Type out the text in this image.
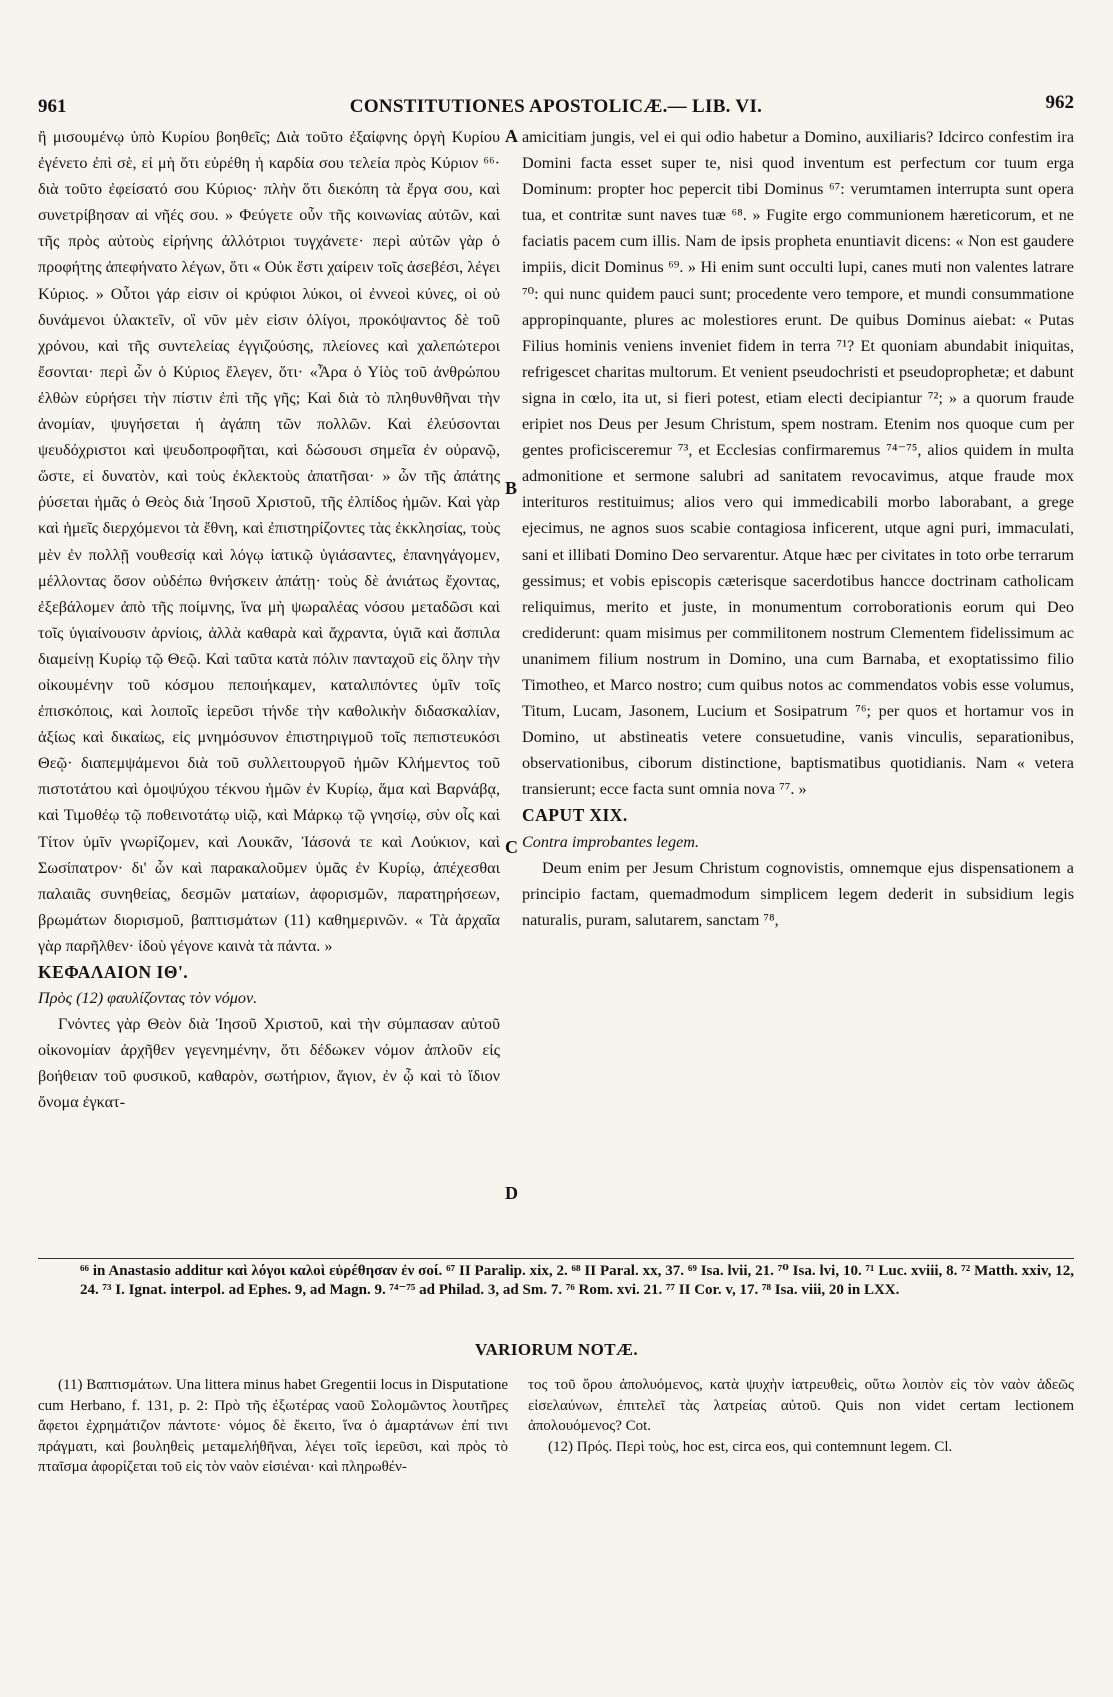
961	CONSTITUTIONES APOSTOLICÆ.— LIB. VI.	962
A
B
C
D

ἢ μισουμένῳ ὑπὸ Κυρίου βοηθεῖς; Διὰ τοῦτο ἐξαίφνης ὀργὴ Κυρίου ἐγένετο ἐπὶ σὲ, εἰ μὴ ὅτι εὑρέθη ἡ καρδία σου τελεία πρὸς Κύριον ⁶⁶· διὰ τοῦτο ἐφείσατό σου Κύριος· πλὴν ὅτι διεκόπη τὰ ἔργα σου, καὶ συνετρίβησαν αἱ νῆές σου. » Φεύγετε οὖν τῆς κοινωνίας αὐτῶν, καὶ τῆς πρὸς αὐτοὺς εἰρήνης ἀλλότριοι τυγχάνετε· περὶ αὐτῶν γὰρ ὁ προφήτης ἀπεφήνατο λέγων, ὅτι « Οὐκ ἔστι χαίρειν τοῖς ἀσεβέσι, λέγει Κύριος. » Οὗτοι γάρ εἰσιν οἱ κρύφιοι λύκοι, οἱ ἐννεοὶ κύνες, οἱ οὐ δυνάμενοι ὑλακτεῖν, οἳ νῦν μὲν εἰσιν ὀλίγοι, προκόψαντος δὲ τοῦ χρόνου, καὶ τῆς συντελείας ἐγγιζούσης, πλείονες καὶ χαλεπώτεροι ἔσονται· περὶ ὧν ὁ Κύριος ἔλεγεν, ὅτι· «Ἆρα ὁ Υἱὸς τοῦ ἀνθρώπου ἐλθὼν εὑρήσει τὴν πίστιν ἐπὶ τῆς γῆς; Καὶ διὰ τὸ πληθυνθῆναι τὴν ἀνομίαν, ψυγήσεται ἡ ἀγάπη τῶν πολλῶν. Καὶ ἐλεύσονται ψευδόχριστοι καὶ ψευδοπροφῆται, καὶ δώσουσι σημεῖα ἐν οὐρανῷ, ὥστε, εἰ δυνατὸν, καὶ τοὺς ἐκλεκτοὺς ἀπατῆσαι· » ὧν τῆς ἀπάτης ῥύσεται ἡμᾶς ὁ Θεὸς διὰ Ἰησοῦ Χριστοῦ, τῆς ἐλπίδος ἡμῶν. Καὶ γὰρ καὶ ἡμεῖς διερχόμενοι τὰ ἔθνη, καὶ ἐπιστηρίζοντες τὰς ἐκκλησίας, τοὺς μὲν ἐν πολλῇ νουθεσίᾳ καὶ λόγῳ ἰατικῷ ὑγιάσαντες, ἐπανηγάγομεν, μέλλοντας ὅσον οὐδέπω θνήσκειν ἀπάτῃ· τοὺς δὲ ἀνιάτως ἔχοντας, ἐξεβάλομεν ἀπὸ τῆς ποίμνης, ἵνα μὴ ψωραλέας νόσου μεταδῶσι καὶ τοῖς ὑγιαίνουσιν ἀρνίοις, ἀλλὰ καθαρὰ καὶ ἄχραντα, ὑγιᾶ καὶ ἄσπιλα διαμείνῃ Κυρίῳ τῷ Θεῷ. Καὶ ταῦτα κατὰ πόλιν πανταχοῦ εἰς ὅλην τὴν οἰκουμένην τοῦ κόσμου πεποιήκαμεν, καταλιπόντες ὑμῖν τοῖς ἐπισκόποις, καὶ λοιποῖς ἱερεῦσι τήνδε τὴν καθολικὴν διδασκαλίαν, ἀξίως καὶ δικαίως, εἰς μνημόσυνον ἐπιστηριγμοῦ τοῖς πεπιστευκόσι Θεῷ· διαπεμψάμενοι διὰ τοῦ συλλειτουργοῦ ἡμῶν Κλήμεντος τοῦ πιστοτάτου καὶ ὁμοψύχου τέκνου ἡμῶν ἐν Κυρίῳ, ἅμα καὶ Βαρνάβᾳ, καὶ Τιμοθέῳ τῷ ποθεινοτάτῳ υἱῷ, καὶ Μάρκῳ τῷ γνησίῳ, σὺν οἷς καὶ Τίτον ὑμῖν γνωρίζομεν, καὶ Λουκᾶν, Ἰάσονά τε καὶ Λούκιον, καὶ Σωσίπατρον· δι' ὧν καὶ παρακαλοῦμεν ὑμᾶς ἐν Κυρίῳ, ἀπέχεσθαι παλαιᾶς συνηθείας, δεσμῶν ματαίων, ἀφορισμῶν, παρατηρήσεων, βρωμάτων διορισμοῦ, βαπτισμάτων (11) καθημερινῶν. « Τὰ ἀρχαῖα γὰρ παρῆλθεν· ἰδοὺ γέγονε καινὰ τὰ πάντα. »

ΚΕΦΑΛΑΙΟΝ ΙΘ'.

Πρὸς (12) φαυλίζοντας τὸν νόμον.

Γνόντες γὰρ Θεὸν διὰ Ἰησοῦ Χριστοῦ, καὶ τὴν σύμπασαν αὐτοῦ οἰκονομίαν ἀρχῆθεν γεγενημένην, ὅτι δέδωκεν νόμον ἁπλοῦν εἰς βοήθειαν τοῦ φυσικοῦ, καθαρὸν, σωτήριον, ἅγιον, ἐν ᾧ καὶ τὸ ἴδιον ὄνομα ἐγκατ-

amicitiam jungis, vel ei qui odio habetur a Domino, auxiliaris? Idcirco confestim ira Domini facta esset super te, nisi quod inventum est perfectum cor tuum erga Dominum: propter hoc pepercit tibi Dominus ⁶⁷: verumtamen interrupta sunt opera tua, et contritæ sunt naves tuæ ⁶⁸. » Fugite ergo communionem hæreticorum, et ne faciatis pacem cum illis. Nam de ipsis propheta enuntiavit dicens: « Non est gaudere impiis, dicit Dominus ⁶⁹. » Hi enim sunt occulti lupi, canes muti non valentes latrare ⁷⁰: qui nunc quidem pauci sunt; procedente vero tempore, et mundi consummatione appropinquante, plures ac molestiores erunt. De quibus Dominus aiebat: « Putas Filius hominis veniens inveniet fidem in terra ⁷¹? Et quoniam abundabit iniquitas, refrigescet charitas multorum. Et venient pseudochristi et pseudoprophetæ; et dabunt signa in cœlo, ita ut, si fieri potest, etiam electi decipiantur ⁷²; » a quorum fraude eripiet nos Deus per Jesum Christum, spem nostram. Etenim nos quoque cum per gentes proficisceremur ⁷³, et Ecclesias confirmaremus ⁷⁴⁻⁷⁵, alios quidem in multa admonitione et sermone salubri ad sanitatem revocavimus, atque fraude mox interituros restituimus; alios vero qui immedicabili morbo laborabant, a grege ejecimus, ne agnos suos scabie contagiosa inficerent, utque agni puri, immaculati, sani et illibati Domino Deo servarentur. Atque hæc per civitates in toto orbe terrarum gessimus; et vobis episcopis cæterisque sacerdotibus hancce doctrinam catholicam reliquimus, merito et juste, in monumentum corroborationis eorum qui Deo crediderunt: quam misimus per commilitonem nostrum Clementem fidelissimum ac unanimem filium nostrum in Domino, una cum Barnaba, et exoptatissimo filio Timotheo, et Marco nostro; cum quibus notos ac commendatos vobis esse volumus, Titum, Lucam, Jasonem, Lucium et Sosipatrum ⁷⁶; per quos et hortamur vos in Domino, ut abstineatis vetere consuetudine, vanis vinculis, separationibus, observationibus, ciborum distinctione, baptismatibus quotidianis. Nam « vetera transierunt; ecce facta sunt omnia nova ⁷⁷. »

CAPUT XIX.

Contra improbantes legem.

Deum enim per Jesum Christum cognovistis, omnemque ejus dispensationem a principio factam, quemadmodum simplicem legem dederit in subsidium legis naturalis, puram, salutarem, sanctam ⁷⁸,

⁶⁶ in Anastasio additur καὶ λόγοι καλοὶ εὑρέθησαν ἐν σοί. ⁶⁷ II Paralip. xix, 2. ⁶⁸ II Paral. xx, 37. ⁶⁹ Isa. lvii, 21. ⁷⁰ Isa. lvi, 10. ⁷¹ Luc. xviii, 8. ⁷² Matth. xxiv, 12, 24. ⁷³ I. Ignat. interpol. ad Ephes. 9, ad Magn. 9. ⁷⁴⁻⁷⁵ ad Philad. 3, ad Sm. 7. ⁷⁶ Rom. xvi. 21. ⁷⁷ II Cor. v, 17. ⁷⁸ Isa. viii, 20 in LXX.
VARIORUM NOTÆ.

(11) Βαπτισμάτων. Una littera minus habet Gregentii locus in Disputatione cum Herbano, f. 131, p. 2: Πρὸ τῆς ἐξωτέρας ναοῦ Σολομῶντος λουτῆρες ἄφετοι ἐχρημάτιζον πάντοτε· νόμος δὲ ἔκειτο, ἵνα ὁ ἁμαρτάνων ἐπί τινι πράγματι, καὶ βουληθεὶς μεταμελήθῆναι, λέγει τοῖς ἱερεῦσι, καὶ πρὸς τὸ πταῖσμα ἀφορίζεται τοῦ εἰς τὸν ναὸν εἰσιέναι· καὶ πληρωθέν-

τος τοῦ ὅρου ἀπολυόμενος, κατὰ ψυχὴν ἰατρευθεὶς, οὕτω λοιπὸν εἰς τὸν ναὸν ἀδεῶς εἰσελαύνων, ἐπιτελεῖ τὰς λατρείας αὐτοῦ. Quis non videt certam lectionem ἀπολουόμενος? Cot.

(12) Πρός. Περὶ τοὺς, hoc est, circa eos, qui contemnunt legem. Cl.
